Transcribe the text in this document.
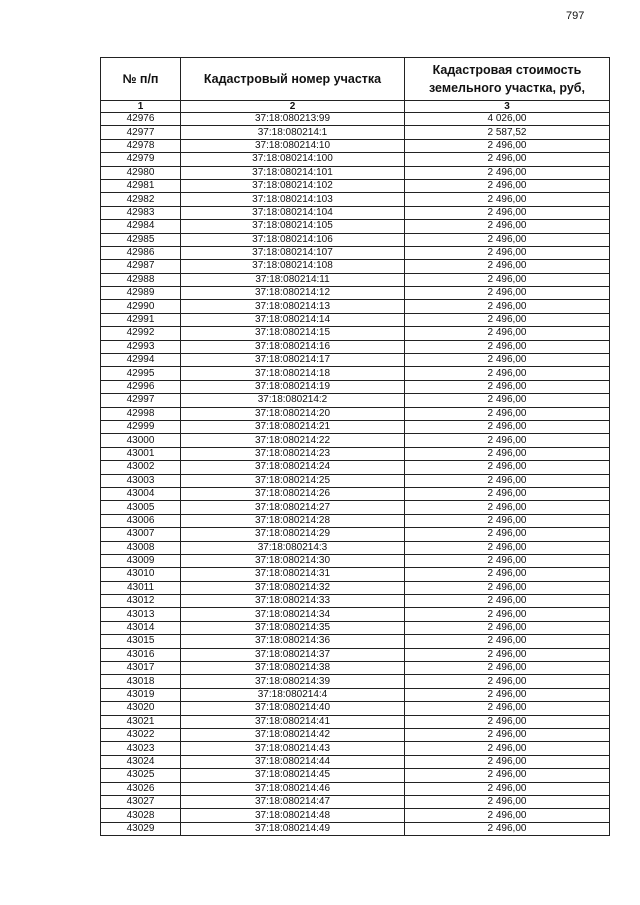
797
№ п/п	Кадастровый номер участка	Кадастровая стоимость земельного участка, руб,
1	2	3
42976	37:18:080213:99	4 026,00
42977	37:18:080214:1	2 587,52
42978	37:18:080214:10	2 496,00
42979	37:18:080214:100	2 496,00
42980	37:18:080214:101	2 496,00
42981	37:18:080214:102	2 496,00
42982	37:18:080214:103	2 496,00
42983	37:18:080214:104	2 496,00
42984	37:18:080214:105	2 496,00
42985	37:18:080214:106	2 496,00
42986	37:18:080214:107	2 496,00
42987	37:18:080214:108	2 496,00
42988	37:18:080214:11	2 496,00
42989	37:18:080214:12	2 496,00
42990	37:18:080214:13	2 496,00
42991	37:18:080214:14	2 496,00
42992	37:18:080214:15	2 496,00
42993	37:18:080214:16	2 496,00
42994	37:18:080214:17	2 496,00
42995	37:18:080214:18	2 496,00
42996	37:18:080214:19	2 496,00
42997	37:18:080214:2	2 496,00
42998	37:18:080214:20	2 496,00
42999	37:18:080214:21	2 496,00
43000	37:18:080214:22	2 496,00
43001	37:18:080214:23	2 496,00
43002	37:18:080214:24	2 496,00
43003	37:18:080214:25	2 496,00
43004	37:18:080214:26	2 496,00
43005	37:18:080214:27	2 496,00
43006	37:18:080214:28	2 496,00
43007	37:18:080214:29	2 496,00
43008	37:18:080214:3	2 496,00
43009	37:18:080214:30	2 496,00
43010	37:18:080214:31	2 496,00
43011	37:18:080214:32	2 496,00
43012	37:18:080214:33	2 496,00
43013	37:18:080214:34	2 496,00
43014	37:18:080214:35	2 496,00
43015	37:18:080214:36	2 496,00
43016	37:18:080214:37	2 496,00
43017	37:18:080214:38	2 496,00
43018	37:18:080214:39	2 496,00
43019	37:18:080214:4	2 496,00
43020	37:18:080214:40	2 496,00
43021	37:18:080214:41	2 496,00
43022	37:18:080214:42	2 496,00
43023	37:18:080214:43	2 496,00
43024	37:18:080214:44	2 496,00
43025	37:18:080214:45	2 496,00
43026	37:18:080214:46	2 496,00
43027	37:18:080214:47	2 496,00
43028	37:18:080214:48	2 496,00
43029	37:18:080214:49	2 496,00
